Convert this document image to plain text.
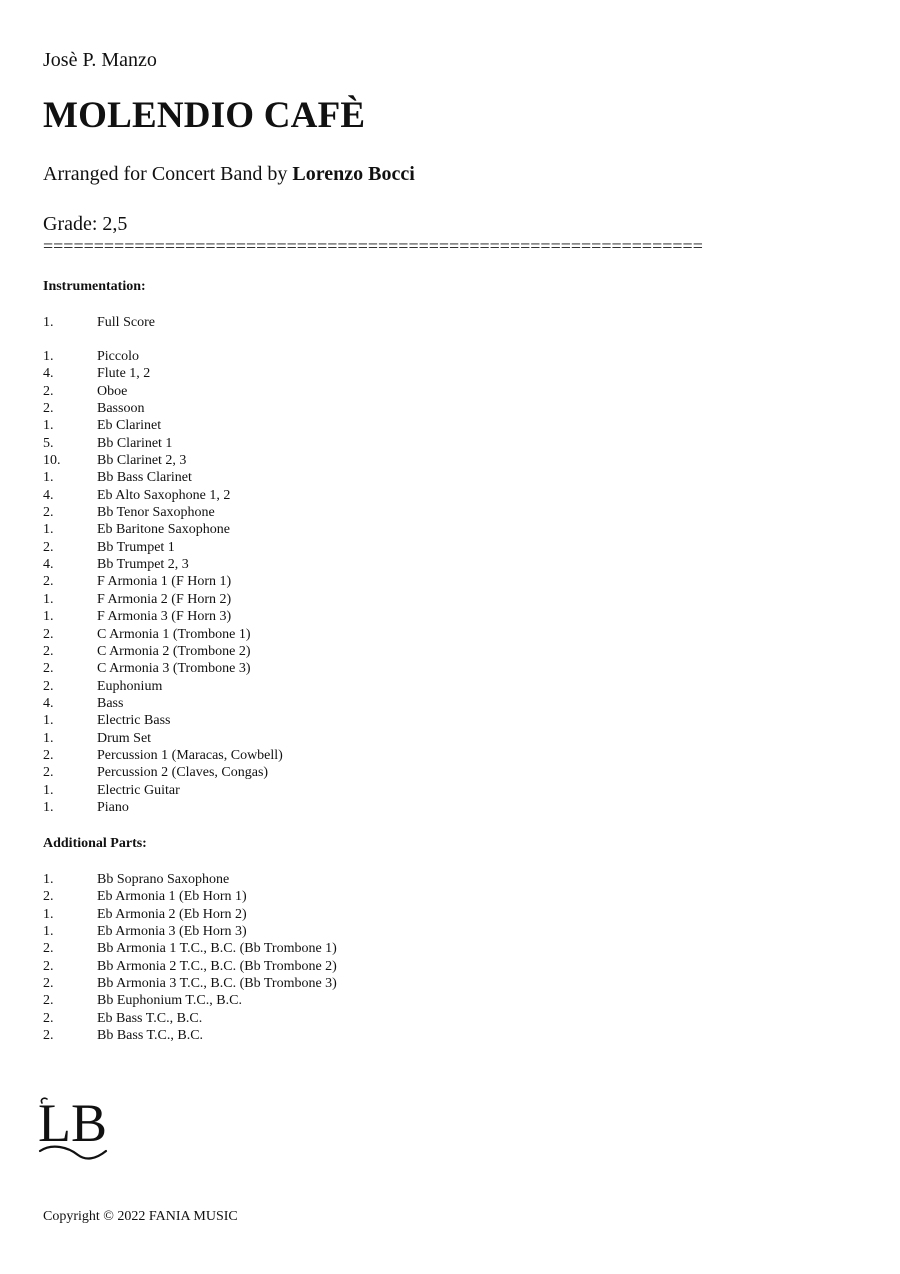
Josè P. Manzo
MOLENDIO CAFÈ
Arranged for Concert Band by Lorenzo Bocci
Grade: 2,5
=================================================================
Instrumentation:
1.	Full Score
1.	Piccolo
4.	Flute 1, 2
2.	Oboe
2.	Bassoon
1.	Eb Clarinet
5.	Bb Clarinet 1
10.	Bb Clarinet 2, 3
1.	Bb Bass Clarinet
4.	Eb Alto Saxophone 1, 2
2.	Bb Tenor Saxophone
1.	Eb Baritone Saxophone
2.	Bb Trumpet 1
4.	Bb Trumpet 2, 3
2.	F Armonia 1 (F Horn 1)
1.	F Armonia 2 (F Horn 2)
1.	F Armonia 3 (F Horn 3)
2.	C Armonia 1 (Trombone 1)
2.	C Armonia 2 (Trombone 2)
2.	C Armonia 3 (Trombone 3)
2.	Euphonium
4.	Bass
1.	Electric Bass
1.	Drum Set
2.	Percussion 1 (Maracas, Cowbell)
2.	Percussion 2 (Claves, Congas)
1.	Electric Guitar
1.	Piano
Additional Parts:
1.	Bb Soprano Saxophone
2.	Eb Armonia 1 (Eb Horn 1)
1.	Eb Armonia 2 (Eb Horn 2)
1.	Eb Armonia 3 (Eb Horn 3)
2.	Bb Armonia 1 T.C., B.C. (Bb Trombone 1)
2.	Bb Armonia 2 T.C., B.C. (Bb Trombone 2)
2.	Bb Armonia 3 T.C., B.C. (Bb Trombone 3)
2.	Bb Euphonium T.C., B.C.
2.	Eb Bass T.C., B.C.
2.	Bb Bass T.C., B.C.
LB
Copyright © 2022 FANIA MUSIC
